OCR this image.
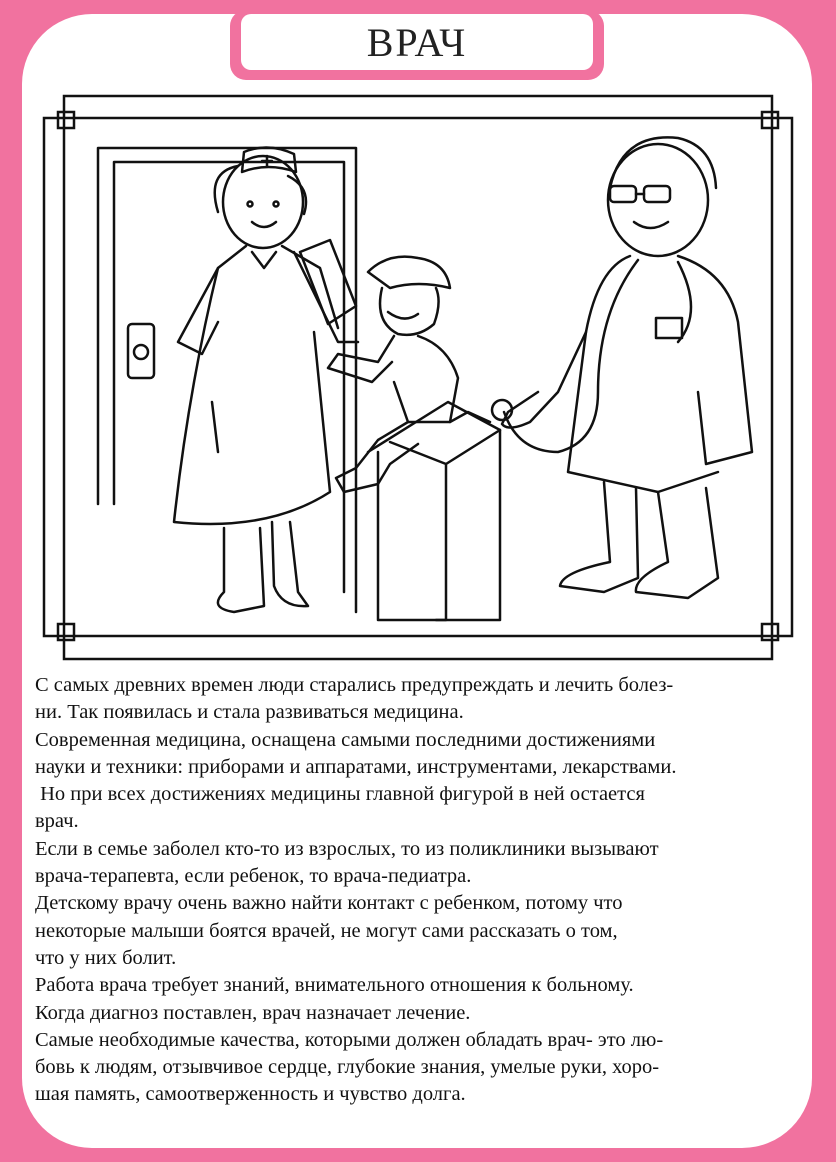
ВРАЧ

С самых древних времен люди старались предупреждать и лечить болез-

ни. Так появилась и стала развиваться медицина.

Современная медицина, оснащена самыми последними достижениями

науки и техники: приборами и аппаратами, инструментами, лекарствами.

Но при всех достижениях медицины главной фигурой в ней остается

врач.

Если в семье заболел кто-то из взрослых, то из поликлиники вызывают

врача-терапевта, если ребенок, то врача-педиатра.

Детскому врачу очень важно найти контакт с ребенком, потому что

некоторые малыши боятся врачей, не могут сами рассказать о том,

что у них болит.

Работа врача требует знаний, внимательного отношения к больному.

Когда диагноз поставлен, врач назначает лечение.

Самые необходимые качества, которыми должен обладать врач- это лю-

бовь к людям, отзывчивое сердце, глубокие знания, умелые руки, хоро-

шая память, самоотверженность и чувство долга.
